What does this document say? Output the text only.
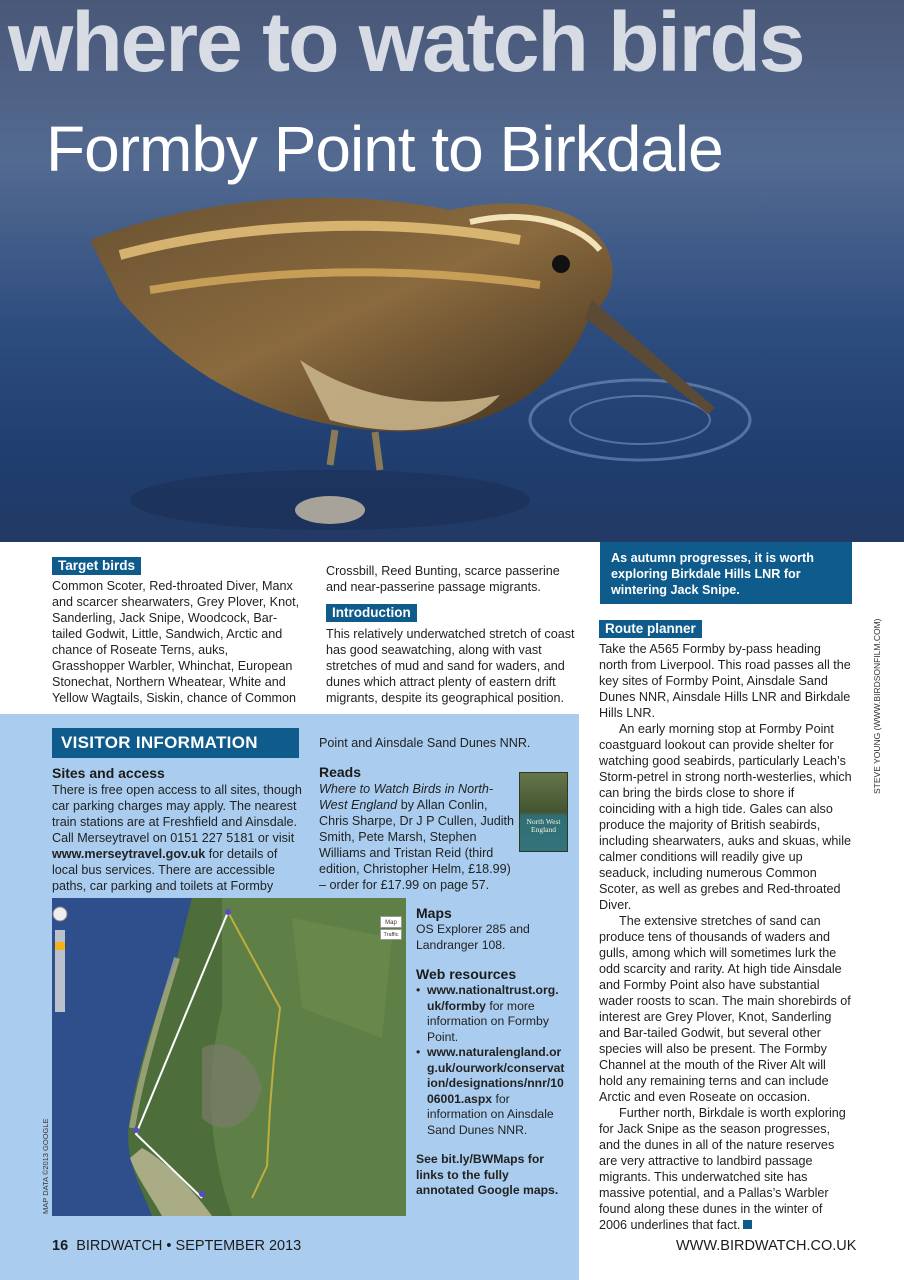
where to watch birds
Formby Point to Birkdale
STEVE YOUNG (WWW.BIRDSONFILM.COM)
Target birds
Common Scoter, Red-throated Diver, Manx and scarcer shearwaters, Grey Plover, Knot, Sanderling, Jack Snipe, Woodcock, Bar-tailed Godwit, Little, Sandwich, Arctic and chance of Roseate Terns, auks, Grasshopper Warbler, Whinchat, European Stonechat, Northern Wheatear, White and Yellow Wagtails, Siskin, chance of Common
Crossbill, Reed Bunting, scarce passerine and near-passerine passage migrants.
Introduction
This relatively underwatched stretch of coast has good seawatching, along with vast stretches of mud and sand for waders, and dunes which attract plenty of eastern drift migrants, despite its geographical position.
As autumn progresses, it is worth exploring Birkdale Hills LNR for wintering Jack Snipe.
Route planner
Take the A565 Formby by-pass heading north from Liverpool. This road passes all the key sites of Formby Point, Ainsdale Sand Dunes NNR, Ainsdale Hills LNR and Birkdale Hills LNR.
An early morning stop at Formby Point coastguard lookout can provide shelter for watching good seabirds, particularly Leach’s Storm-petrel in strong north-westerlies, which can bring the birds close to shore if coinciding with a high tide. Gales can also produce the majority of British seabirds, including shearwaters, auks and skuas, while calmer conditions will readily give up seaduck, including numerous Common Scoter, as well as grebes and Red-throated Diver.
The extensive stretches of sand can produce tens of thousands of waders and gulls, among which will sometimes lurk the odd scarcity and rarity. At high tide Ainsdale and Formby Point also have substantial wader roosts to scan. The main shorebirds of interest are Grey Plover, Knot, Sanderling and Bar-tailed Godwit, but several other species will also be present. The Formby Channel at the mouth of the River Alt will hold any remaining terns and can include Arctic and even Roseate on occasion.
Further north, Birkdale is worth exploring for Jack Snipe as the season progresses, and the dunes in all of the nature reserves are very attractive to landbird passage migrants. This underwatched site has massive potential, and a Pallas’s Warbler found along these dunes in the winter of 2006 underlines that fact.
VISITOR INFORMATION
Sites and access
There is free open access to all sites, though car parking charges may apply. The nearest train stations are at Freshfield and Ainsdale. Call Merseytravel on 0151 227 5181 or visit www.merseytravel.gov.uk for details of local bus services. There are accessible paths, car parking and toilets at Formby
Point and Ainsdale Sand Dunes NNR.
Reads
Where to Watch Birds in North-West England by Allan Conlin, Chris Sharpe, Dr J P Cullen, Judith Smith, Pete Marsh, Stephen Williams and Tristan Reid (third edition, Christopher Helm, £18.99) – order for £17.99 on page 57.
North West England
Map
Traffic
MAP DATA ©2013 GOOGLE
Maps
OS Explorer 285 and Landranger 108.
Web resources
• www.nationaltrust.org.uk/formby for more information on Formby Point.
• www.naturalengland.org.uk/ourwork/conservation/designations/nnr/1006001.aspx for information on Ainsdale Sand Dunes NNR.
See bit.ly/BWMaps for links to the fully annotated Google maps.
16 BIRDWATCH • SEPTEMBER 2013	WWW.BIRDWATCH.CO.UK
